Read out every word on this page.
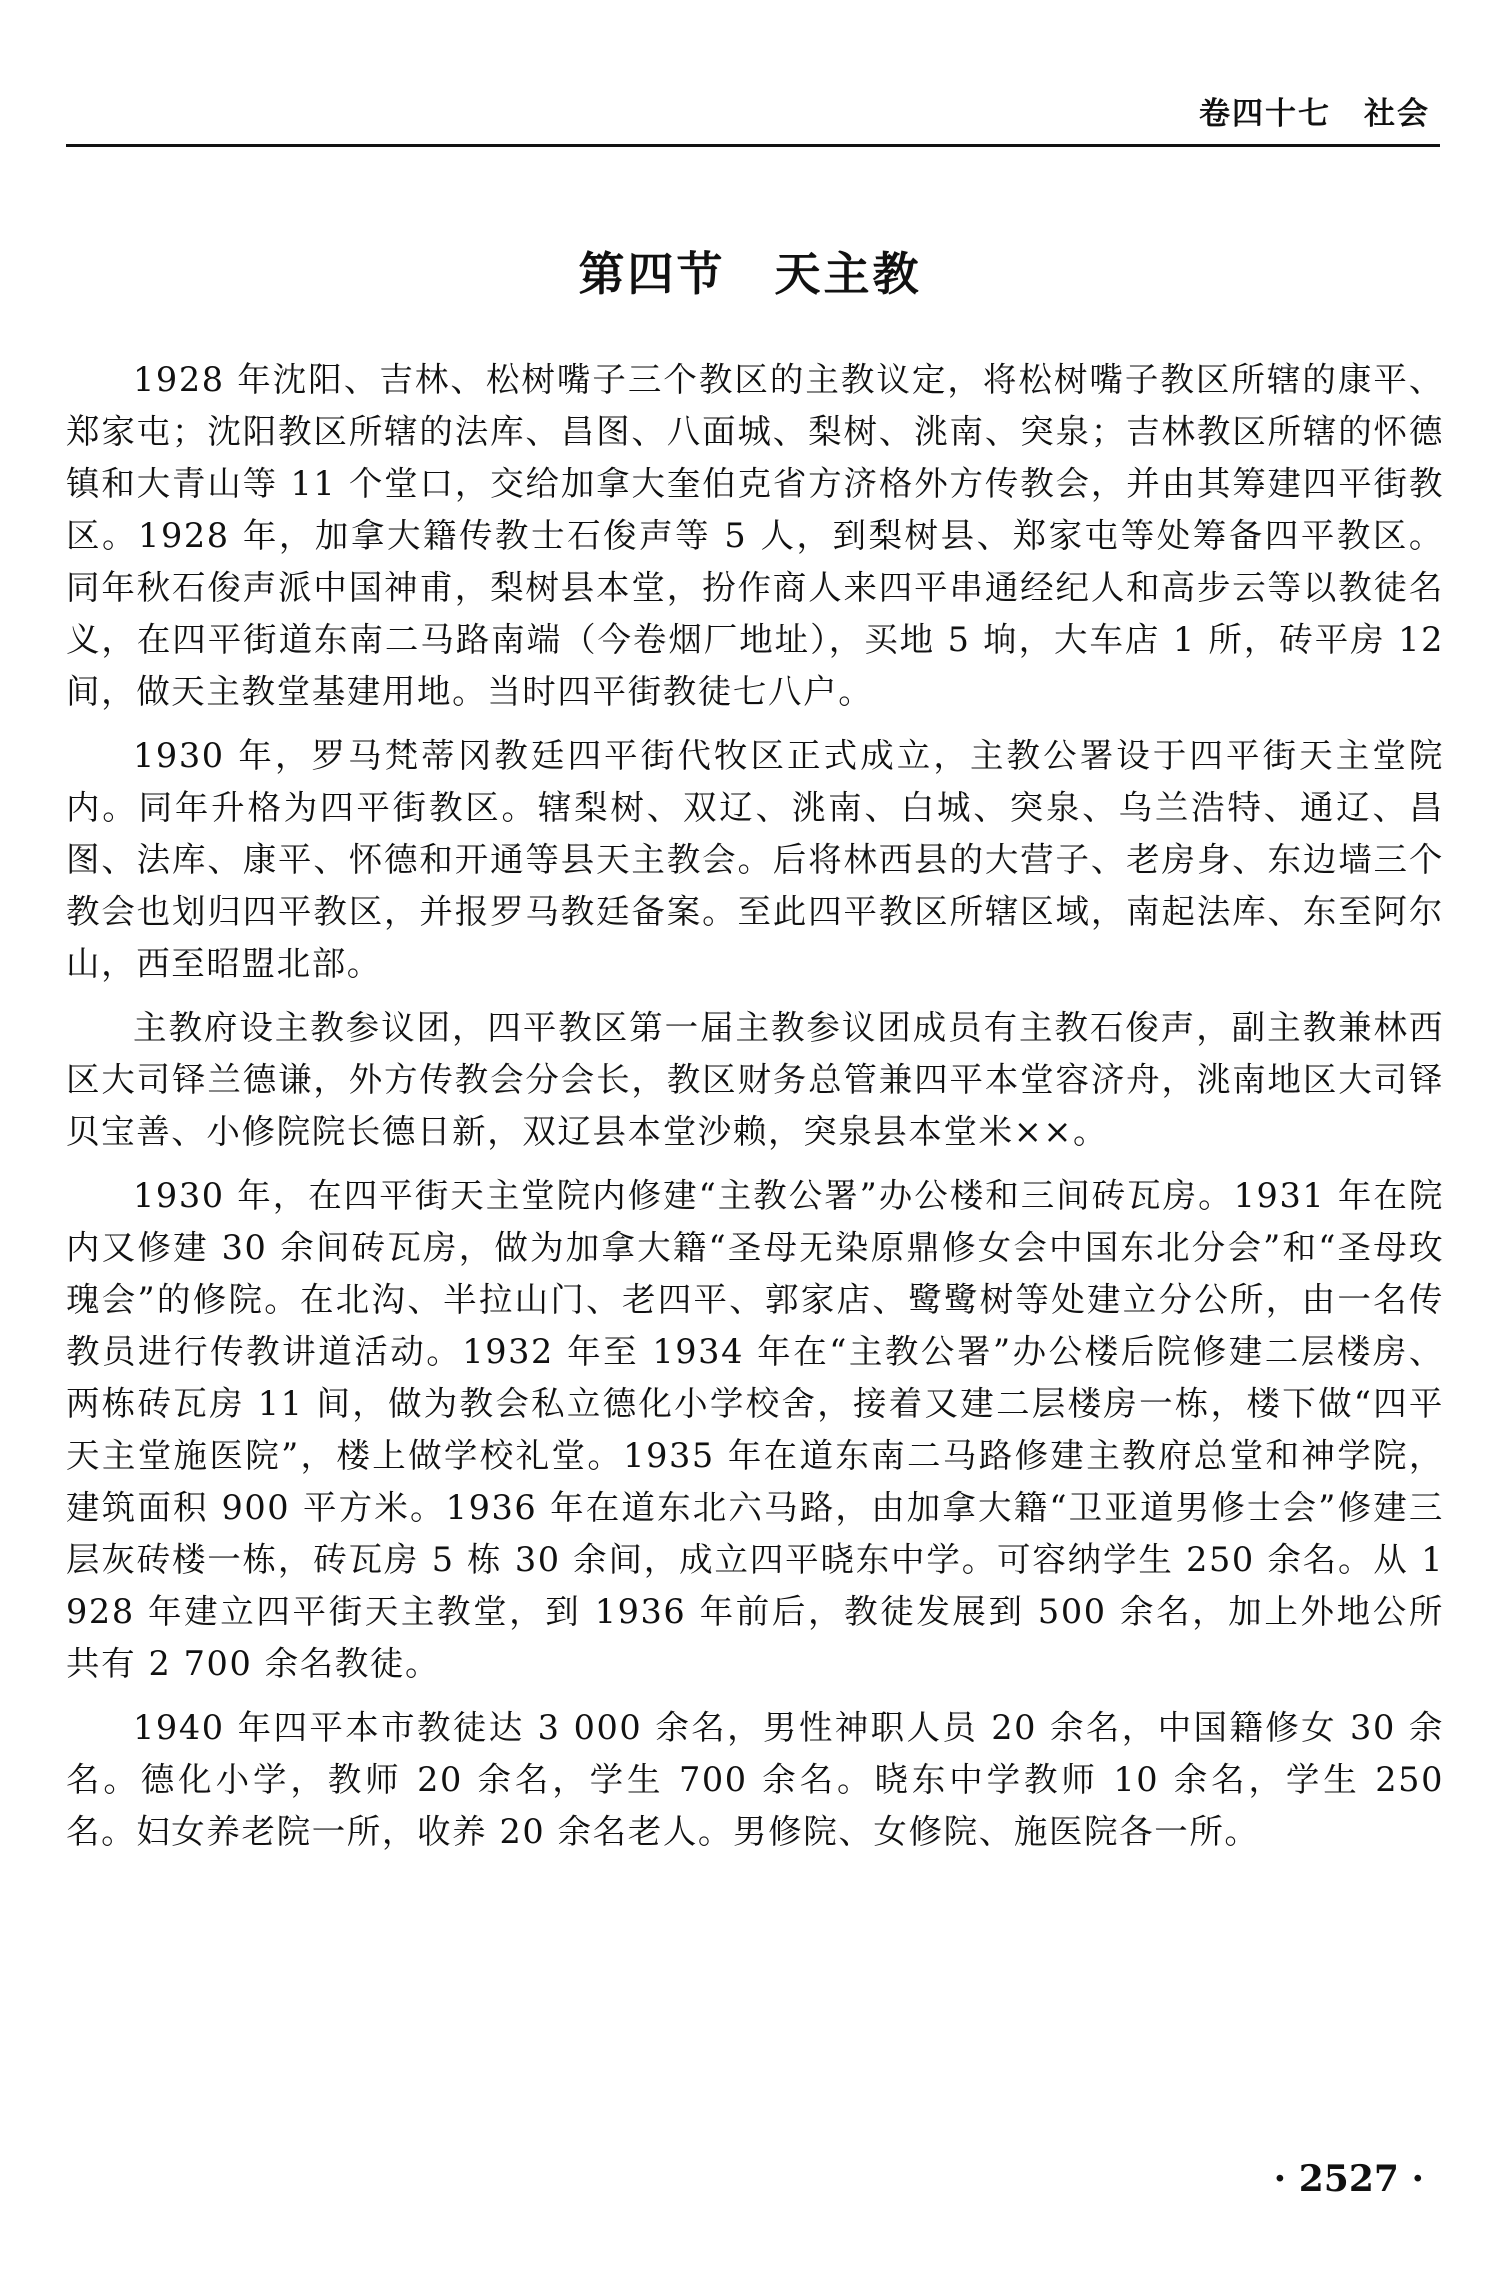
卷四十七　社会
第四节　天主教

1928 年沈阳、吉林、松树嘴子三个教区的主教议定，将松树嘴子教区所辖的康平、郑家屯；沈阳教区所辖的法库、昌图、八面城、梨树、洮南、突泉；吉林教区所辖的怀德镇和大青山等 11 个堂口，交给加拿大奎伯克省方济格外方传教会，并由其筹建四平街教区。1928 年，加拿大籍传教士石俊声等 5 人，到梨树县、郑家屯等处筹备四平教区。同年秋石俊声派中国神甫，梨树县本堂，扮作商人来四平串通经纪人和高步云等以教徒名义，在四平街道东南二马路南端（今卷烟厂地址），买地 5 垧，大车店 1 所，砖平房 12 间，做天主教堂基建用地。当时四平街教徒七八户。

1930 年，罗马梵蒂冈教廷四平街代牧区正式成立，主教公署设于四平街天主堂院内。同年升格为四平街教区。辖梨树、双辽、洮南、白城、突泉、乌兰浩特、通辽、昌图、法库、康平、怀德和开通等县天主教会。后将林西县的大营子、老房身、东边墙三个教会也划归四平教区，并报罗马教廷备案。至此四平教区所辖区域，南起法库、东至阿尔山，西至昭盟北部。

主教府设主教参议团，四平教区第一届主教参议团成员有主教石俊声，副主教兼林西区大司铎兰德谦，外方传教会分会长，教区财务总管兼四平本堂容济舟，洮南地区大司铎贝宝善、小修院院长德日新，双辽县本堂沙赖，突泉县本堂米××。

1930 年，在四平街天主堂院内修建“主教公署”办公楼和三间砖瓦房。1931 年在院内又修建 30 余间砖瓦房，做为加拿大籍“圣母无染原鼎修女会中国东北分会”和“圣母玫瑰会”的修院。在北沟、半拉山门、老四平、郭家店、鹭鹭树等处建立分公所，由一名传教员进行传教讲道活动。1932 年至 1934 年在“主教公署”办公楼后院修建二层楼房、两栋砖瓦房 11 间，做为教会私立德化小学校舍，接着又建二层楼房一栋，楼下做“四平天主堂施医院”，楼上做学校礼堂。1935 年在道东南二马路修建主教府总堂和神学院，建筑面积 900 平方米。1936 年在道东北六马路，由加拿大籍“卫亚道男修士会”修建三层灰砖楼一栋，砖瓦房 5 栋 30 余间，成立四平晓东中学。可容纳学生 250 余名。从 1928 年建立四平街天主教堂，到 1936 年前后，教徒发展到 500 余名，加上外地公所共有 2 700 余名教徒。

1940 年四平本市教徒达 3 000 余名，男性神职人员 20 余名，中国籍修女 30 余名。德化小学，教师 20 余名，学生 700 余名。晓东中学教师 10 余名，学生 250 名。妇女养老院一所，收养 20 余名老人。男修院、女修院、施医院各一所。

· 2527 ·
